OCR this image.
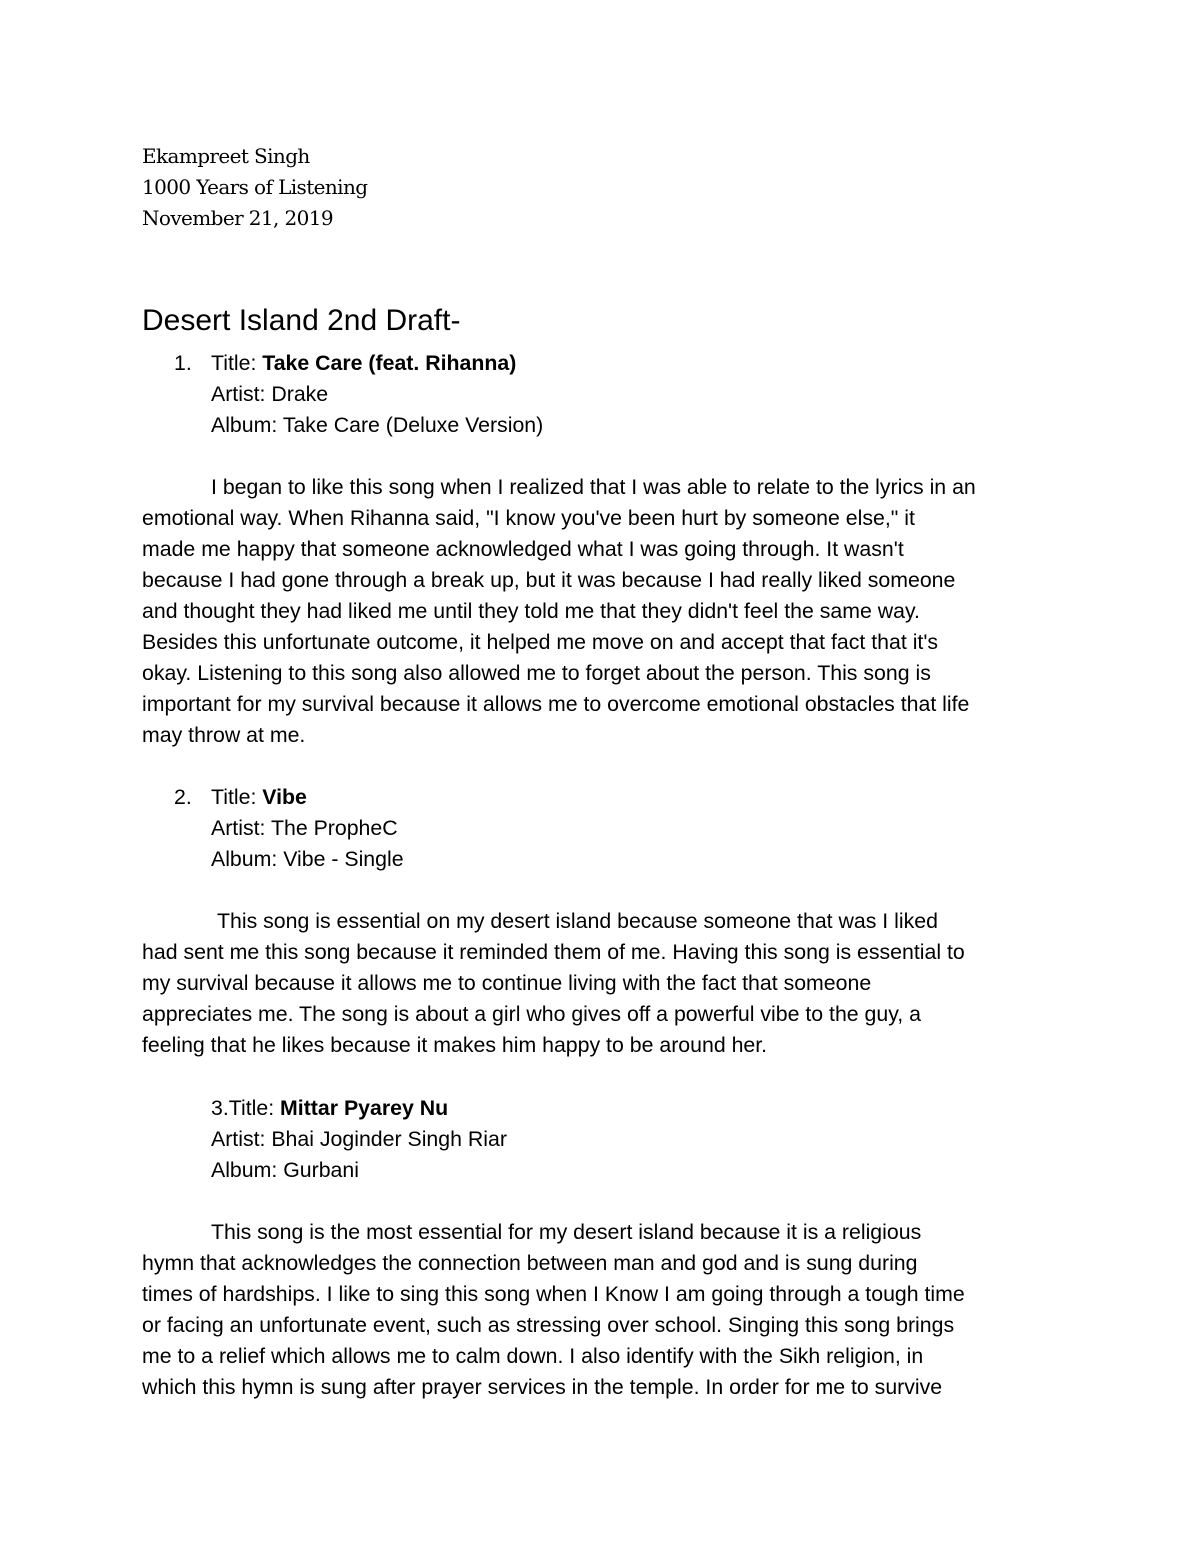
Ekampreet Singh
1000 Years of Listening
November 21, 2019
Desert Island 2nd Draft-
1. Title: Take Care (feat. Rihanna)
Artist: Drake
Album: Take Care (Deluxe Version)
I began to like this song when I realized that I was able to relate to the lyrics in an
emotional way. When Rihanna said, "I know you've been hurt by someone else," it
made me happy that someone acknowledged what I was going through. It wasn't
because I had gone through a break up, but it was because I had really liked someone
and thought they had liked me until they told me that they didn't feel the same way.
Besides this unfortunate outcome, it helped me move on and accept that fact that it's
okay. Listening to this song also allowed me to forget about the person. This song is
important for my survival because it allows me to overcome emotional obstacles that life
may throw at me.
2. Title: Vibe
Artist: The PropheC
Album: Vibe - Single
This song is essential on my desert island because someone that was I liked
had sent me this song because it reminded them of me. Having this song is essential to
my survival because it allows me to continue living with the fact that someone
appreciates me. The song is about a girl who gives off a powerful vibe to the guy, a
feeling that he likes because it makes him happy to be around her.
3.Title: Mittar Pyarey Nu
Artist: Bhai Joginder Singh Riar
Album: Gurbani
This song is the most essential for my desert island because it is a religious
hymn that acknowledges the connection between man and god and is sung during
times of hardships. I like to sing this song when I Know I am going through a tough time
or facing an unfortunate event, such as stressing over school. Singing this song brings
me to a relief which allows me to calm down. I also identify with the Sikh religion, in
which this hymn is sung after prayer services in the temple. In order for me to survive
